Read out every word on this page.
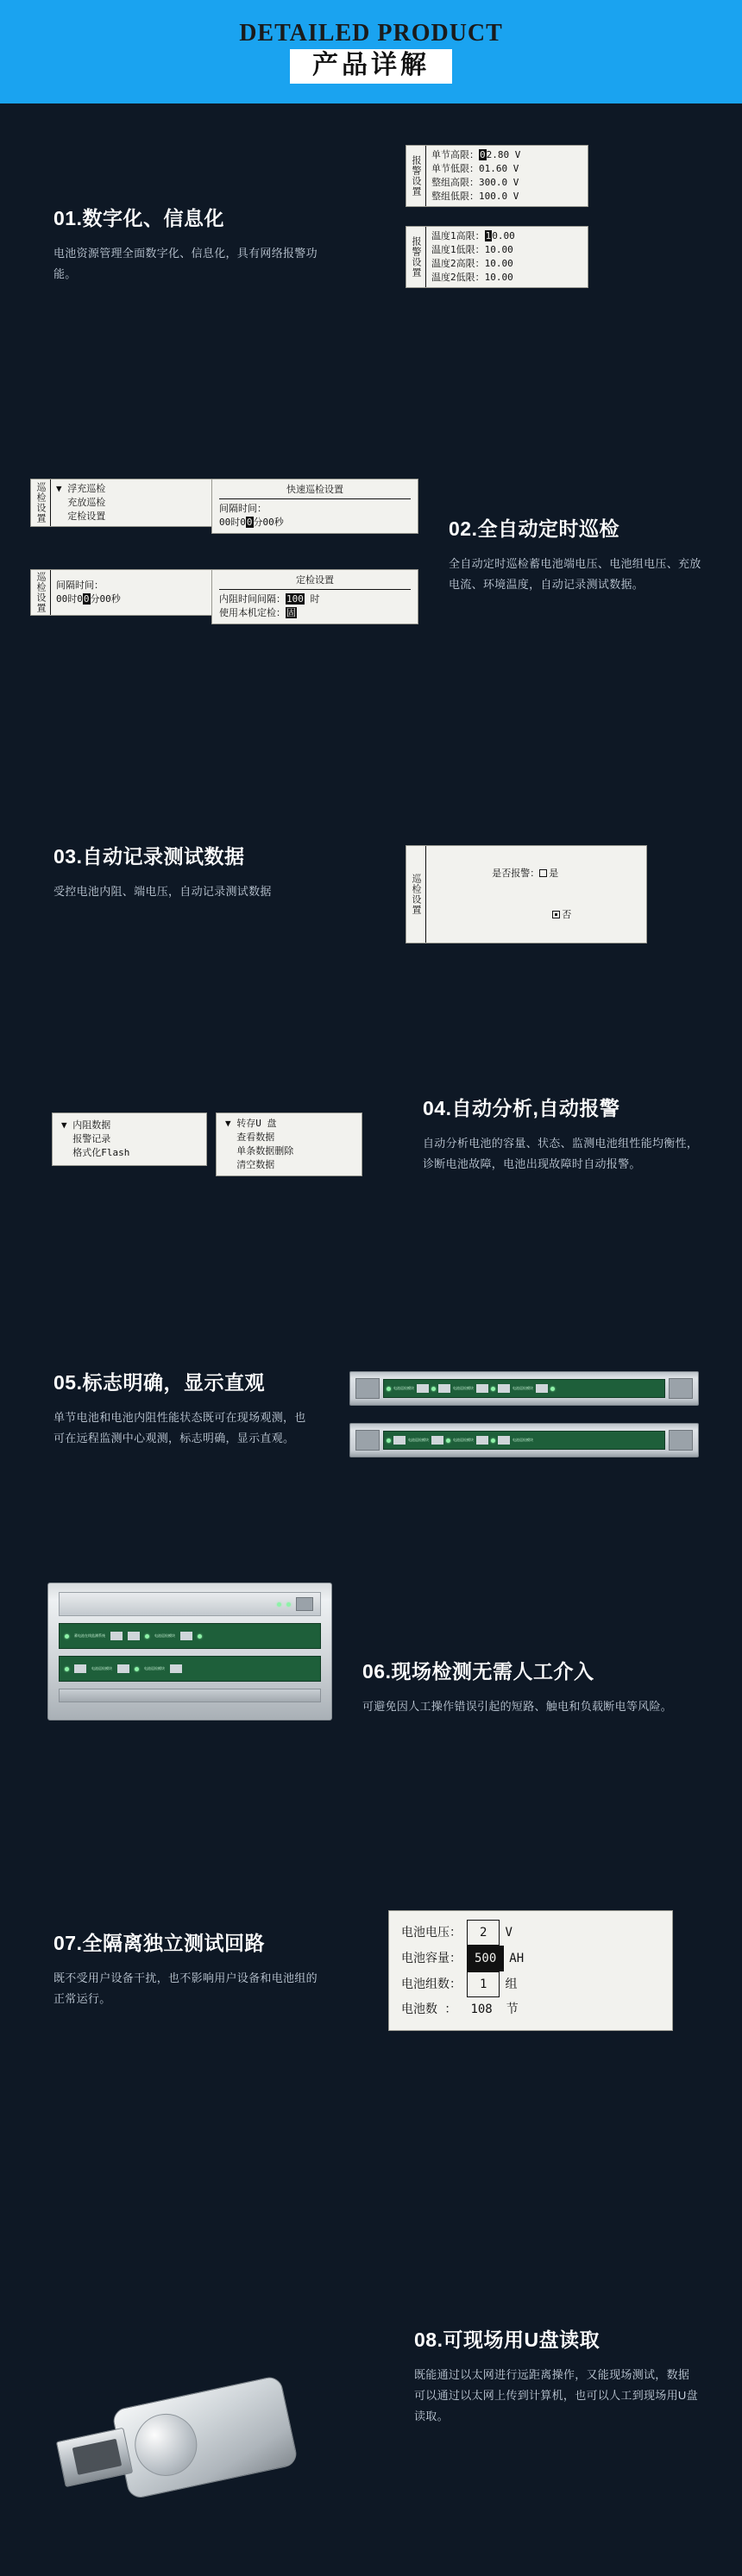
DETAILED PRODUCT
产品详解
报警设置
单节高限：02.80 V
单节低限：01.60 V
整组高限：300.0 V
整组低限：100.0 V
报警设置
温度1高限：10.00
温度1低限：10.00
温度2高限：10.00
温度2低限：10.00
01.数字化、信息化

电池资源管理全面数字化、信息化，具有网络报警功能。

巡检设置 ▼ 浮充巡检
充放巡检
定检设置
巡检设置 间隔时间：
00时00分00秒
快速巡检设置
间隔时间：
00时00分00秒
定检设置
内阻时间间隔：100 时
使用本机定检：固
02.全自动定时巡检

全自动定时巡检蓄电池端电压、电池组电压、充放电流、环境温度，自动记录测试数据。

03.自动记录测试数据

受控电池内阻、端电压，自动记录测试数据	巡检设置

是否报警： 是

否

▼ 内阻数据
报警记录
格式化Flash
▼ 转存U 盘
查看数据
单条数据删除
清空数据
04.自动分析,自动报警

自动分析电池的容量、状态、监测电池组性能均衡性，诊断电池故障，电池出现故障时自动报警。

05.标志明确，显示直观

单节电池和电池内阻性能状态既可在现场观测，也可在远程监测中心观测，标志明确，显示直观。

电池巡检模块	电池巡检模块	电池巡检模块
电池巡检模块	电池巡检模块	电池巡检模块
蓄电池在线监测系统	电池巡检模块
电池巡检模块	电池巡检模块	06.现场检测无需人工介入

可避免因人工操作错误引起的短路、触电和负载断电等风险。

07.全隔离独立测试回路

既不受用户设备干扰，也不影响用户设备和电池组的正常运行。

电池电压：	2	V
电池容量：	500	AH
电池组数：	1	组
电池数 ：	108	节
08.可现场用U盘读取

既能通过以太网进行远距离操作，又能现场测试，数据可以通过以太网上传到计算机，也可以人工到现场用U盘读取。
